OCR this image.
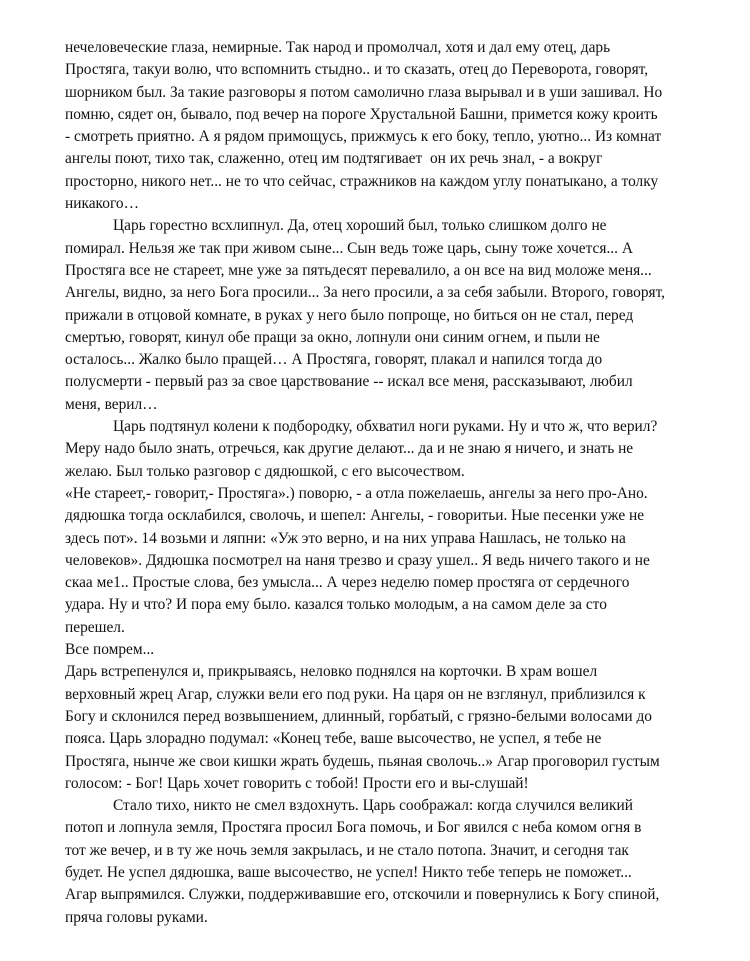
нечеловеческие глаза, немирные. Так народ и промолчал, хотя и дал ему отец, дарь
Простяга, такуи волю, что вспомнить стыдно.. и то сказать, отец до Переворота, говорят,
шорником был. За такие разговоры я потом самолично глаза вырывал и в уши зашивал. Но
помню, сядет он, бывало, под вечер на пороге Хрустальной Башни, примется кожу кроить
- смотреть приятно. А я рядом примощусь, прижмусь к его боку, тепло, уютно... Из комнат
ангелы поют, тихо так, слаженно, отец им подтягивает  он их речь знал, - а вокруг
просторно, никого нет... не то что сейчас, стражников на каждом углу понатыкано, а толку
никакого…
Царь горестно всхлипнул. Да, отец хороший был, только слишком долго не
помирал. Нельзя же так при живом сыне... Сын ведь тоже царь, сыну тоже хочется... А
Простяга все не стареет, мне уже за пятьдесят перевалило, а он все на вид моложе меня...
Ангелы, видно, за него Бога просили... За него просили, а за себя забыли. Второго, говорят,
прижали в отцовой комнате, в руках у него было попроще, но биться он не стал, перед
смертью, говорят, кинул обе пращи за окно, лопнули они синим огнем, и пыли не
осталось... Жалко было пращей… А Простяга, говорят, плакал и напился тогда до
полусмерти - первый раз за свое царствование -- искал все меня, рассказывают, любил
меня, верил…
Царь подтянул колени к подбородку, обхватил ноги руками. Ну и что ж, что верил?
Меру надо было знать, отречься, как другие делают... да и не знаю я ничего, и знать не
желаю. Был только разговор с дядюшкой, с его высочеством.
«Не стареет,- говорит,- Простяга».) поворю, - а отла пожелаешь, ангелы за него про-Ано.
дядюшка тогда осклабился, сволочь, и шепел: Ангелы, - говоритьи. Ные песенки уже не
здесь пот». 14 возьми и ляпни: «Уж это верно, и на них управа Нашлась, не только на
человеков». Дядюшка посмотрел на наня трезво и сразу ушел.. Я ведь ничего такого и не
скаа ме1.. Простые слова, без умысла... А через неделю помер простяга от сердечного
удара. Ну и что? И пора ему было. казался только молодым, а на самом деле за сто
перешел.
Все помрем...
Дарь встрепенулся и, прикрываясь, неловко поднялся на корточки. В храм вошел
верховный жрец Агар, служки вели его под руки. На царя он не взглянул, приблизился к
Богу и склонился перед возвышением, длинный, горбатый, с грязно-белыми волосами до
пояса. Царь злорадно подумал: «Конец тебе, ваше высочество, не успел, я тебе не
Простяга, нынче же свои кишки жрать будешь, пьяная сволочь..» Агар проговорил густым
голосом: - Бог! Царь хочет говорить с тобой! Прости его и вы-слушай!
Стало тихо, никто не смел вздохнуть. Царь соображал: когда случился великий
потоп и лопнула земля, Простяга просил Бога помочь, и Бог явился с неба комом огня в
тот же вечер, и в ту же ночь земля закрылась, и не стало потопа. Значит, и сегодня так
будет. Не успел дядюшка, ваше высочество, не успел! Никто тебе теперь не поможет...
Агар выпрямился. Служки, поддерживавшие его, отскочили и повернулись к Богу спиной,
пряча головы руками.
